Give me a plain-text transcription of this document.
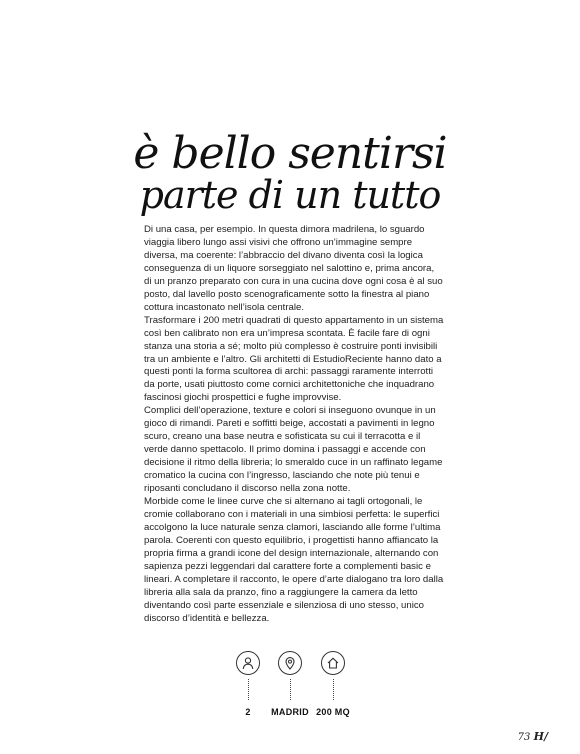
è bello sentirsi
parte di un tutto

Di una casa, per esempio. In questa dimora madrilena, lo sguardo viaggia libero lungo assi visivi che offrono un’immagine sempre diversa, ma coerente: l’abbraccio del divano diventa così la logica conseguenza di un liquore sorseggiato nel salottino e, prima ancora, di un pranzo preparato con cura in una cucina dove ogni cosa è al suo posto, dal lavello posto scenograficamente sotto la finestra al piano cottura incastonato nell’isola centrale.

Trasformare i 200 metri quadrati di questo appartamento in un sistema così ben calibrato non era un’impresa scontata. È facile fare di ogni stanza una storia a sé; molto più complesso è costruire ponti invisibili tra un ambiente e l’altro. Gli architetti di EstudioReciente hanno dato a questi ponti la forma scultorea di archi: passaggi raramente interrotti da porte, usati piuttosto come cornici architettoniche che inquadrano fascinosi giochi prospettici e fughe improvvise.

Complici dell’operazione, texture e colori si inseguono ovunque in un gioco di rimandi. Pareti e soffitti beige, accostati a pavimenti in legno scuro, creano una base neutra e sofisticata su cui il terracotta e il verde danno spettacolo. Il primo domina i passaggi e accende con decisione il ritmo della libreria; lo smeraldo cuce in un raffinato legame cromatico la cucina con l’ingresso, lasciando che note più tenui e riposanti concludano il discorso nella zona notte.

Morbide come le linee curve che si alternano ai tagli ortogonali, le cromie collaborano con i materiali in una simbiosi perfetta: le superfici accolgono la luce naturale senza clamori, lasciando alle forme l’ultima parola. Coerenti con questo equilibrio, i progettisti hanno affiancato la propria firma a grandi icone del design internazionale, alternando con sapienza pezzi leggendari dal carattere forte a complementi basic e lineari. A completare il racconto, le opere d’arte dialogano tra loro dalla libreria alla sala da pranzo, fino a raggiungere la camera da letto diventando così parte essenziale e silenziosa di uno stesso, unico discorso d’identità e bellezza.

2	MADRID 200 MQ
73 H/
